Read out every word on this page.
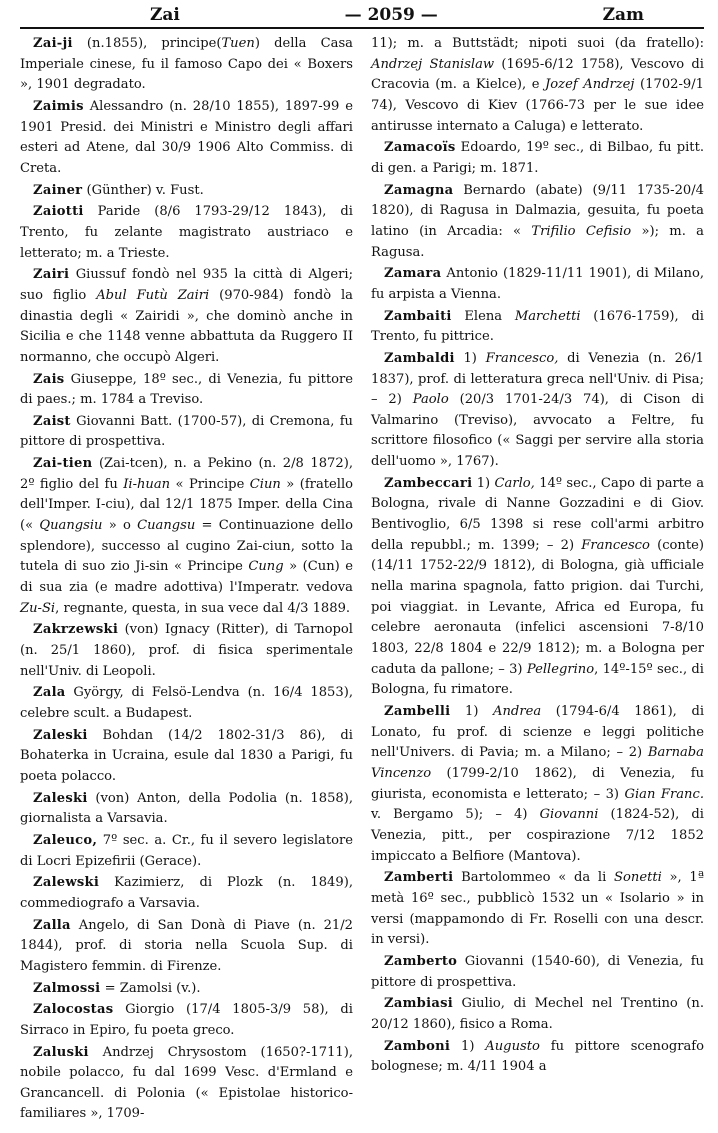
Zai	— 2059 —	Zam

Zai-ji (n.1855), principe(Tuen) della Casa Imperiale cinese, fu il famoso Capo dei « Boxers », 1901 degradato.

Zaimis Alessandro (n. 28/10 1855), 1897-99 e 1901 Presid. dei Ministri e Ministro degli affari esteri ad Atene, dal 30/9 1906 Alto Commiss. di Creta.

Zainer (Günther) v. Fust.

Zaiotti Paride (8/6 1793-29/12 1843), di Trento, fu zelante magistrato austriaco e letterato; m. a Trieste.

Zairi Giussuf fondò nel 935 la città di Algeri; suo figlio Abul Futù Zairi (970-984) fondò la dinastia degli « Zairidi », che dominò anche in Sicilia e che 1148 venne abbattuta da Ruggero II normanno, che occupò Algeri.

Zais Giuseppe, 18º sec., di Venezia, fu pittore di paes.; m. 1784 a Treviso.

Zaist Giovanni Batt. (1700-57), di Cremona, fu pittore di prospettiva.

Zai-tien (Zai-tcen), n. a Pekino (n. 2/8 1872), 2º figlio del fu Ii-huan « Principe Ciun » (fratello dell'Imper. I-ciu), dal 12/1 1875 Imper. della Cina (« Quangsiu » o Cuangsu = Continuazione dello splendore), successo al cugino Zai-ciun, sotto la tutela di suo zio Ji-sin « Principe Cung » (Cun) e di sua zia (e madre adottiva) l'Imperatr. vedova Zu-Si, regnante, questa, in sua vece dal 4/3 1889.

Zakrzewski (von) Ignacy (Ritter), di Tarnopol (n. 25/1 1860), prof. di fisica sperimentale nell'Univ. di Leopoli.

Zala György, di Felsö-Lendva (n. 16/4 1853), celebre scult. a Budapest.

Zaleski Bohdan (14/2 1802-31/3 86), di Bohaterka in Ucraina, esule dal 1830 a Parigi, fu poeta polacco.

Zaleski (von) Anton, della Podolia (n. 1858), giornalista a Varsavia.

Zaleuco, 7º sec. a. Cr., fu il severo legislatore di Locri Epizefirii (Gerace).

Zalewski Kazimierz, di Plozk (n. 1849), commediografo a Varsavia.

Zalla Angelo, di San Donà di Piave (n. 21/2 1844), prof. di storia nella Scuola Sup. di Magistero femmin. di Firenze.

Zalmossi = Zamolsi (v.).

Zalocostas Giorgio (17/4 1805-3/9 58), di Sirraco in Epiro, fu poeta greco.

Zaluski Andrzej Chrysostom (1650?-1711), nobile polacco, fu dal 1699 Vesc. d'Ermland e Grancancell. di Polonia (« Epistolae historico-familiares », 1709-

11); m. a Buttstädt; nipoti suoi (da fratello): Andrzej Stanislaw (1695-6/12 1758), Vescovo di Cracovia (m. a Kielce), e Jozef Andrzej (1702-9/1 74), Vescovo di Kiev (1766-73 per le sue idee antirusse internato a Caluga) e letterato.

Zamacoïs Edoardo, 19º sec., di Bilbao, fu pitt. di gen. a Parigi; m. 1871.

Zamagna Bernardo (abate) (9/11 1735-20/4 1820), di Ragusa in Dalmazia, gesuita, fu poeta latino (in Arcadia: « Trifilio Cefisio »); m. a Ragusa.

Zamara Antonio (1829-11/11 1901), di Milano, fu arpista a Vienna.

Zambaiti Elena Marchetti (1676-1759), di Trento, fu pittrice.

Zambaldi 1) Francesco, di Venezia (n. 26/1 1837), prof. di letteratura greca nell'Univ. di Pisa; – 2) Paolo (20/3 1701-24/3 74), di Cison di Valmarino (Treviso), avvocato a Feltre, fu scrittore filosofico (« Saggi per servire alla storia dell'uomo », 1767).

Zambeccari 1) Carlo, 14º sec., Capo di parte a Bologna, rivale di Nanne Gozzadini e di Giov. Bentivoglio, 6/5 1398 si rese coll'armi arbitro della repubbl.; m. 1399; – 2) Francesco (conte) (14/11 1752-22/9 1812), di Bologna, già ufficiale nella marina spagnola, fatto prigion. dai Turchi, poi viaggiat. in Levante, Africa ed Europa, fu celebre aeronauta (infelici ascensioni 7-8/10 1803, 22/8 1804 e 22/9 1812); m. a Bologna per caduta da pallone; – 3) Pellegrino, 14º-15º sec., di Bologna, fu rimatore.

Zambelli 1) Andrea (1794-6/4 1861), di Lonato, fu prof. di scienze e leggi politiche nell'Univers. di Pavia; m. a Milano; – 2) Barnaba Vincenzo (1799-2/10 1862), di Venezia, fu giurista, economista e letterato; – 3) Gian Franc. v. Bergamo 5); – 4) Giovanni (1824-52), di Venezia, pitt., per cospirazione 7/12 1852 impiccato a Belfiore (Mantova).

Zamberti Bartolommeo « da li Sonetti », 1ª metà 16º sec., pubblicò 1532 un « Isolario » in versi (mappamondo di Fr. Roselli con una descr. in versi).

Zamberto Giovanni (1540-60), di Venezia, fu pittore di prospettiva.

Zambiasi Giulio, di Mechel nel Trentino (n. 20/12 1860), fisico a Roma.

Zamboni 1) Augusto fu pittore scenografo bolognese; m. 4/11 1904 a
